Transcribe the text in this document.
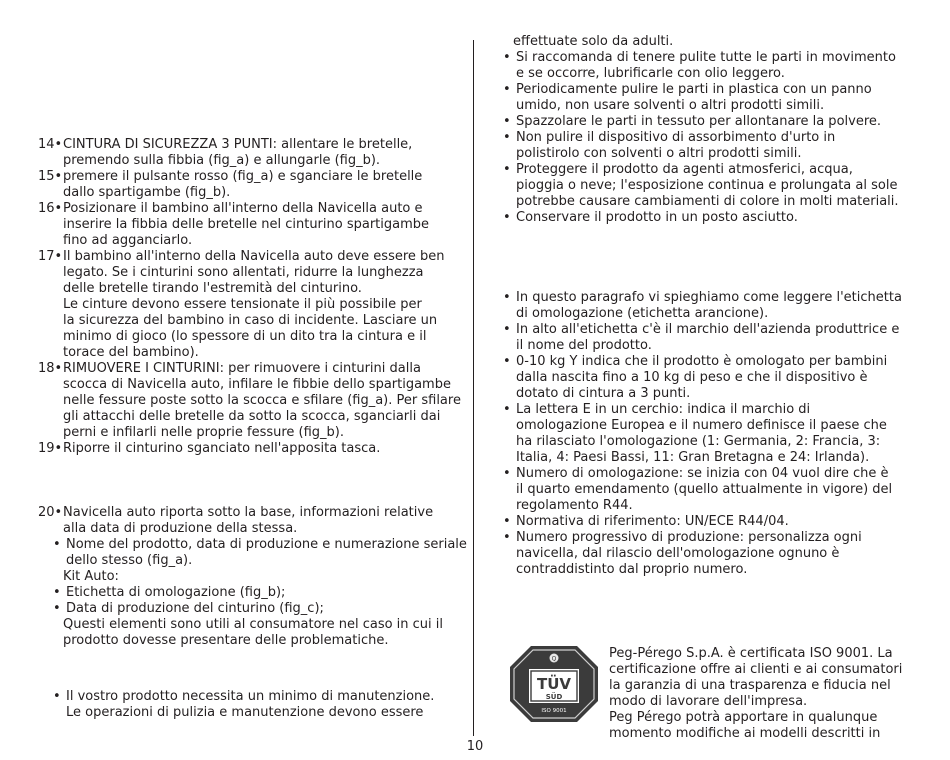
14• CINTURA DI SICUREZZA 3 PUNTI: allentare le bretelle,
premendo sulla fibbia (fig_a) e allungarle (fig_b).
15• premere il pulsante rosso (fig_a) e sganciare le bretelle
dallo spartigambe (fig_b).
16• Posizionare il bambino all'interno della Navicella auto e
inserire la fibbia delle bretelle nel cinturino spartigambe
fino ad agganciarlo.
17• Il bambino all'interno della Navicella auto deve essere ben
legato. Se i cinturini sono allentati, ridurre la lunghezza
delle bretelle tirando l'estremità del cinturino.
Le cinture devono essere tensionate il più possibile per
la sicurezza del bambino in caso di incidente. Lasciare un
minimo di gioco (lo spessore di un dito tra la cintura e il
torace del bambino).
18• RIMUOVERE I CINTURINI: per rimuovere i cinturini dalla
scocca di Navicella auto, infilare le fibbie dello spartigambe
nelle fessure poste sotto la scocca e sfilare (fig_a). Per sfilare
gli attacchi delle bretelle da sotto la scocca, sganciarli dai
perni e infilarli nelle proprie fessure (fig_b).
19• Riporre il cinturino sganciato nell'apposita tasca.
20• Navicella auto riporta sotto la base, informazioni relative
alla data di produzione della stessa.
• Nome del prodotto, data di produzione e numerazione seriale
dello stesso (fig_a).
Kit Auto:
• Etichetta di omologazione (fig_b);
• Data di produzione del cinturino (fig_c);
Questi elementi sono utili al consumatore nel caso in cui il
prodotto dovesse presentare delle problematiche.
• Il vostro prodotto necessita un minimo di manutenzione.
Le operazioni di pulizia e manutenzione devono essere
effettuate solo da adulti.
• Si raccomanda di tenere pulite tutte le parti in movimento
e se occorre, lubrificarle con olio leggero.
• Periodicamente pulire le parti in plastica con un panno
umido, non usare solventi o altri prodotti simili.
• Spazzolare le parti in tessuto per allontanare la polvere.
• Non pulire il dispositivo di assorbimento d'urto in
polistirolo con solventi o altri prodotti simili.
• Proteggere il prodotto da agenti atmosferici, acqua,
pioggia o neve; l'esposizione continua e prolungata al sole
potrebbe causare cambiamenti di colore in molti materiali.
• Conservare il prodotto in un posto asciutto.
• In questo paragrafo vi spieghiamo come leggere l'etichetta
di omologazione (etichetta arancione).
• In alto all'etichetta c'è il marchio dell'azienda produttrice e
il nome del prodotto.
• 0-10 kg Y indica che il prodotto è omologato per bambini
dalla nascita fino a 10 kg di peso e che il dispositivo è
dotato di cintura a 3 punti.
• La lettera E in un cerchio: indica il marchio di
omologazione Europea e il numero definisce il paese che
ha rilasciato l'omologazione (1: Germania, 2: Francia, 3:
Italia, 4: Paesi Bassi, 11: Gran Bretagna e 24: Irlanda).
• Numero di omologazione: se inizia con 04 vuol dire che è
il quarto emendamento (quello attualmente in vigore) del
regolamento R44.
• Normativa di riferimento: UN/ECE R44/04.
• Numero progressivo di produzione: personalizza ogni
navicella, dal rilascio dell'omologazione ognuno è
contraddistinto dal proprio numero.
Q
TÜV
SÜD
ISO 9001
Peg-Pérego S.p.A. è certificata ISO 9001. La
certificazione offre ai clienti e ai consumatori
la garanzia di una trasparenza e fiducia nel
modo di lavorare dell'impresa.
Peg Pérego potrà apportare in qualunque
momento modifiche ai modelli descritti in
10
